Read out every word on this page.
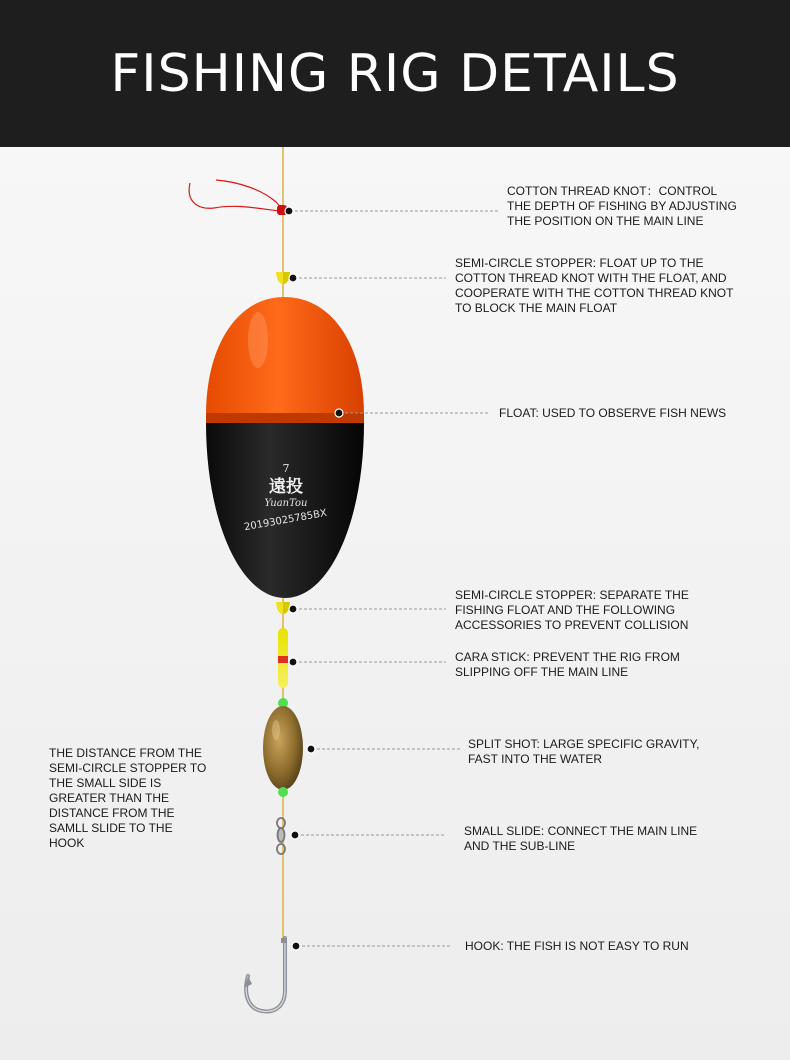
FISHING RIG DETAILS
7
遠投
YuanTou
20193025785BX
COTTON THREAD KNOT：CONTROL THE DEPTH OF FISHING BY ADJUSTING THE POSITION ON THE MAIN LINE
SEMI-CIRCLE STOPPER: FLOAT UP TO THE COTTON THREAD KNOT WITH THE FLOAT, AND COOPERATE WITH THE COTTON THREAD KNOT TO BLOCK THE MAIN FLOAT
FLOAT: USED TO OBSERVE FISH NEWS
SEMI-CIRCLE STOPPER: SEPARATE THE FISHING FLOAT AND THE FOLLOWING ACCESSORIES TO PREVENT COLLISION
CARA STICK: PREVENT THE RIG FROM SLIPPING OFF THE MAIN LINE
SPLIT SHOT: LARGE SPECIFIC GRAVITY, FAST INTO THE WATER
SMALL SLIDE: CONNECT THE MAIN LINE AND THE SUB-LINE
HOOK: THE FISH IS NOT EASY TO RUN
THE DISTANCE FROM THE SEMI-CIRCLE STOPPER TO THE SMALL SIDE IS GREATER THAN THE DISTANCE FROM THE SAMLL SLIDE TO THE HOOK
